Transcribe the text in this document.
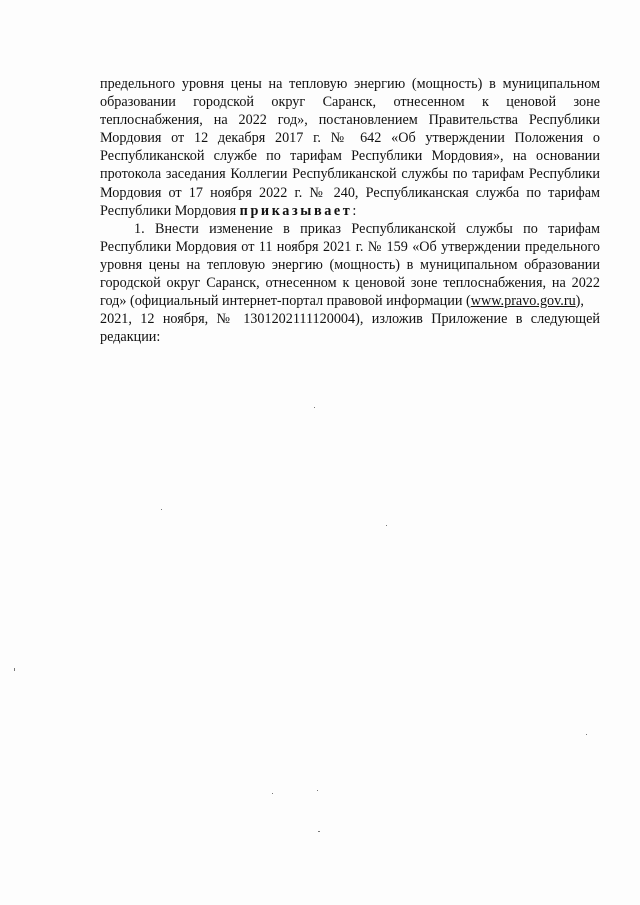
предельного уровня цены на тепловую энергию (мощность) в муниципальном
образовании городской округ Саранск, отнесенном к ценовой зоне
теплоснабжения, на 2022 год», постановлением Правительства Республики
Мордовия от 12 декабря 2017 г. № 642 «Об утверждении Положения о
Республиканской службе по тарифам Республики Мордовия», на основании
протокола заседания Коллегии Республиканской службы по тарифам Республики
Мордовия от 17 ноября 2022 г. № 240, Республиканская служба по тарифам
Республики Мордовия приказывает:
1. Внести изменение в приказ Республиканской службы по тарифам
Республики Мордовия от 11 ноября 2021 г. № 159 «Об утверждении предельного
уровня цены на тепловую энергию (мощность) в муниципальном образовании
городской округ Саранск, отнесенном к ценовой зоне теплоснабжения, на 2022
год» (официальный интернет-портал правовой информации (www.pravo.gov.ru),
2021, 12 ноября, № 1301202111120004), изложив Приложение в следующей
редакции:
